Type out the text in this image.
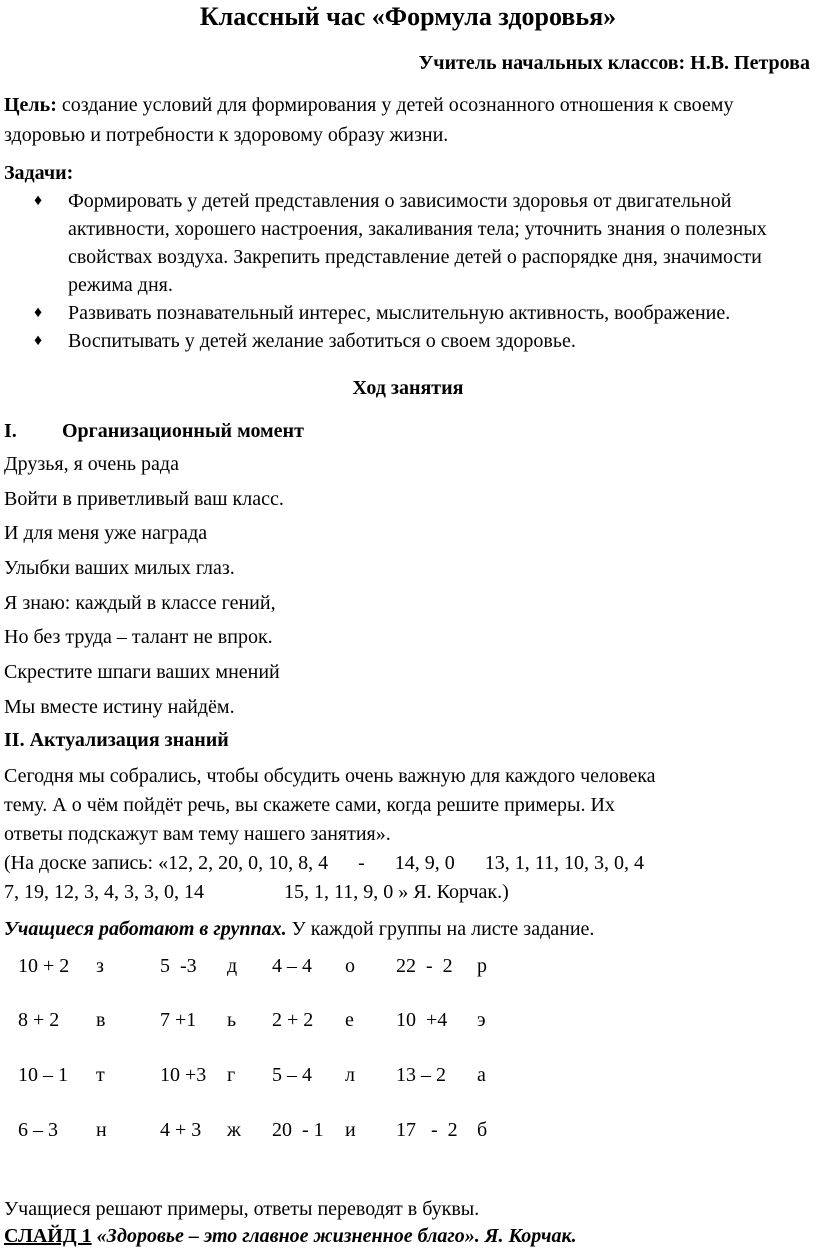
Классный час «Формула здоровья»
Учитель начальных классов: Н.В. Петрова
Цель: создание условий для формирования у детей осознанного отношения к своему здоровью и потребности к здоровому образу жизни.
Задачи:
♦ Формировать у детей представления о зависимости здоровья от двигательной активности, хорошего настроения, закаливания тела; уточнить знания о полезных свойствах воздуха. Закрепить представление детей о распорядке дня, значимости режима дня.
♦ Развивать познавательный интерес, мыслительную активность, воображение.
♦ Воспитывать у детей желание заботиться о своем здоровье.
Ход занятия
I. Организационный момент
Друзья, я очень рада
Войти в приветливый ваш класс.
И для меня уже награда
Улыбки ваших милых глаз.
Я знаю: каждый в классе гений,
Но без труда – талант не впрок.
Скрестите шпаги ваших мнений
Мы вместе истину найдём.
II. Актуализация знаний
Сегодня мы собрались, чтобы обсудить очень важную для каждого человека
тему. А о чём пойдёт речь, вы скажете сами, когда решите примеры. Их
ответы подскажут вам тему нашего занятия».
(На доске запись: «12, 2, 20, 0, 10, 8, 4      -      14, 9, 0      13, 1, 11, 10, 3, 0, 4
7, 19, 12, 3, 4, 3, 3, 0, 14                15, 1, 11, 9, 0 » Я. Корчак.)
Учащиеся работают в группах. У каждой группы на листе задание.
10 + 2 з	5  -3 д 4 – 4 о 22  -  2 р
8 + 2 в	7 +1 ь 2 + 2 е 10  +4 э
10 – 1 т	10 +3 г 5 – 4 л 13 – 2 а
6 – 3 н	4 + 3 ж 20  - 1 и 17   -  2 б
Учащиеся решают примеры, ответы переводят в буквы.
СЛАЙД 1 «Здоровье – это главное жизненное благо». Я. Корчак.
